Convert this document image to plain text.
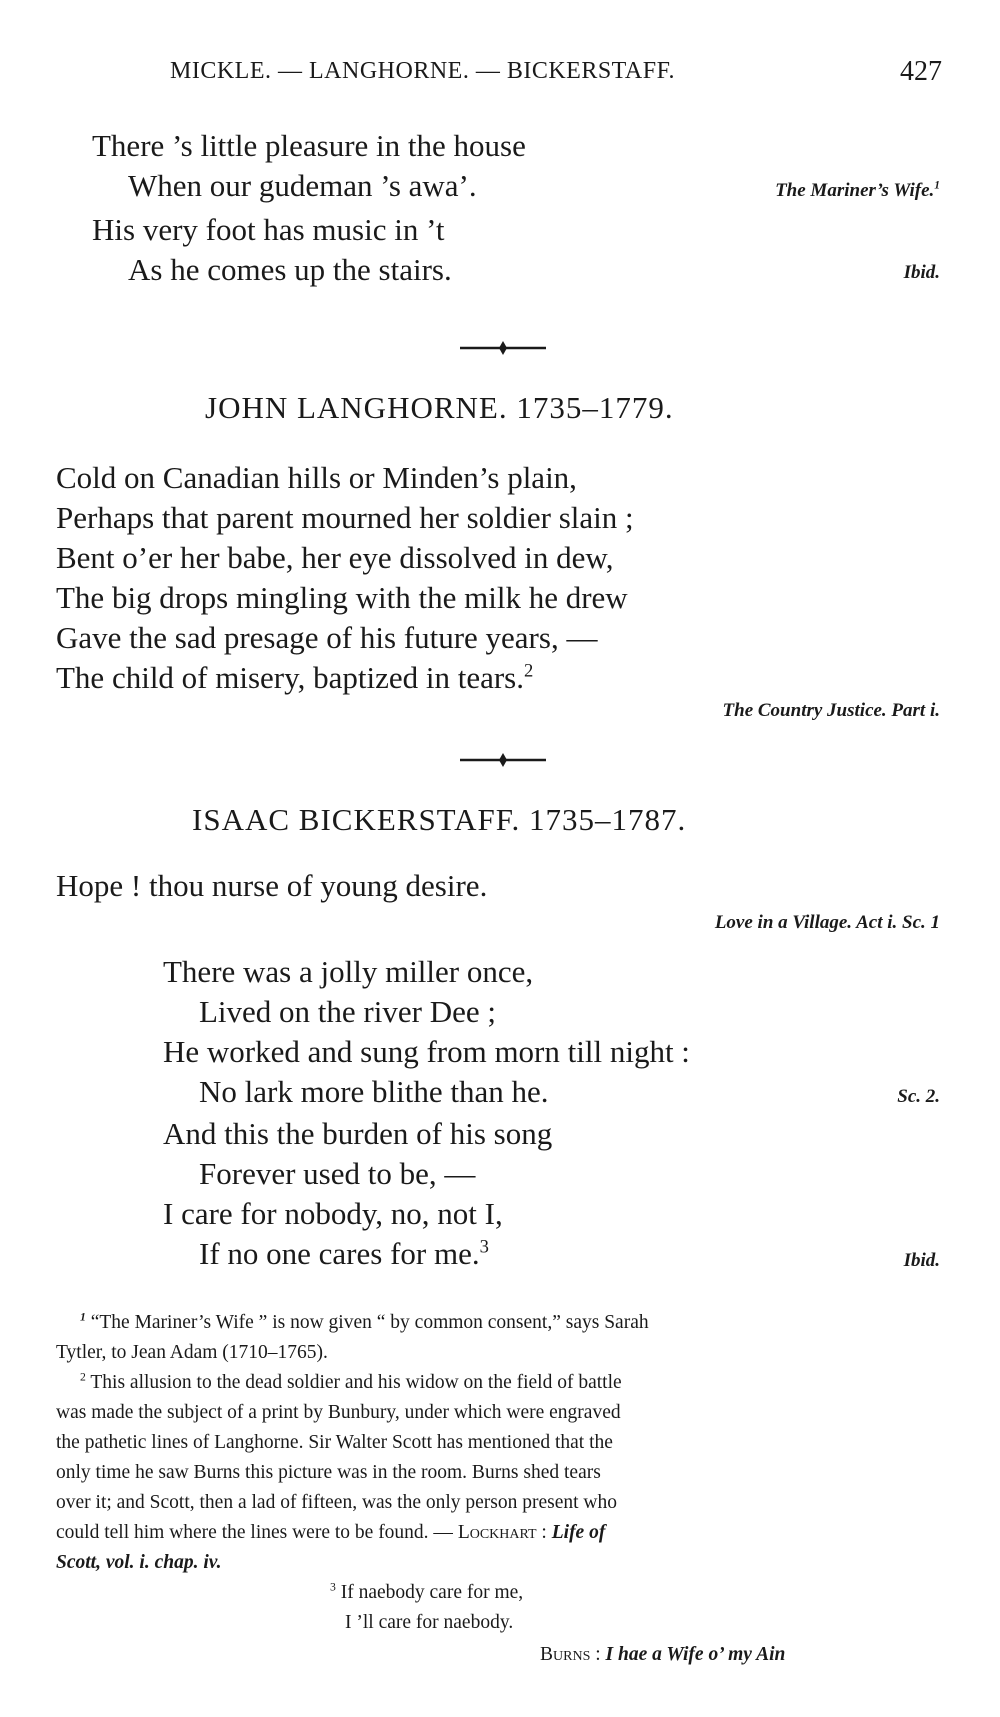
MICKLE. — LANGHORNE. — BICKERSTAFF.	427
There ’s little pleasure in the house
When our gudeman ’s awa’.	The Mariner’s Wife.$^1$
His very foot has music in ’t
As he comes up the stairs.	Ibid.
JOHN LANGHORNE. 1735–1779.
Cold on Canadian hills or Minden’s plain,
Perhaps that parent mourned her soldier slain ;
Bent o’er her babe, her eye dissolved in dew,
The big drops mingling with the milk he drew
Gave the sad presage of his future years, —
The child of misery, baptized in tears.$^2$
The Country Justice. Part i.
ISAAC BICKERSTAFF. 1735–1787.
Hope ! thou nurse of young desire.
Love in a Village. Act i. Sc. 1
There was a jolly miller once,
Lived on the river Dee ;
He worked and sung from morn till night :
No lark more blithe than he.	Sc. 2.
And this the burden of his song
Forever used to be, —
I care for nobody, no, not I,
If no one cares for me.$^3$
Ibid.
$^1$ “The Mariner’s Wife ” is now given “ by common consent,” says Sarah
Tytler, to Jean Adam (1710–1765).
$^2$ This allusion to the dead soldier and his widow on the field of battle
was made the subject of a print by Bunbury, under which were engraved
the pathetic lines of Langhorne. Sir Walter Scott has mentioned that the
only time he saw Burns this picture was in the room. Burns shed tears
over it; and Scott, then a lad of fifteen, was the only person present who
could tell him where the lines were to be found. — Lockhart : Life of
Scott, vol. i. chap. iv.
$^3$ If naebody care for me,
I ’ll care for naebody.
Burns : I hae a Wife o’ my Ain
